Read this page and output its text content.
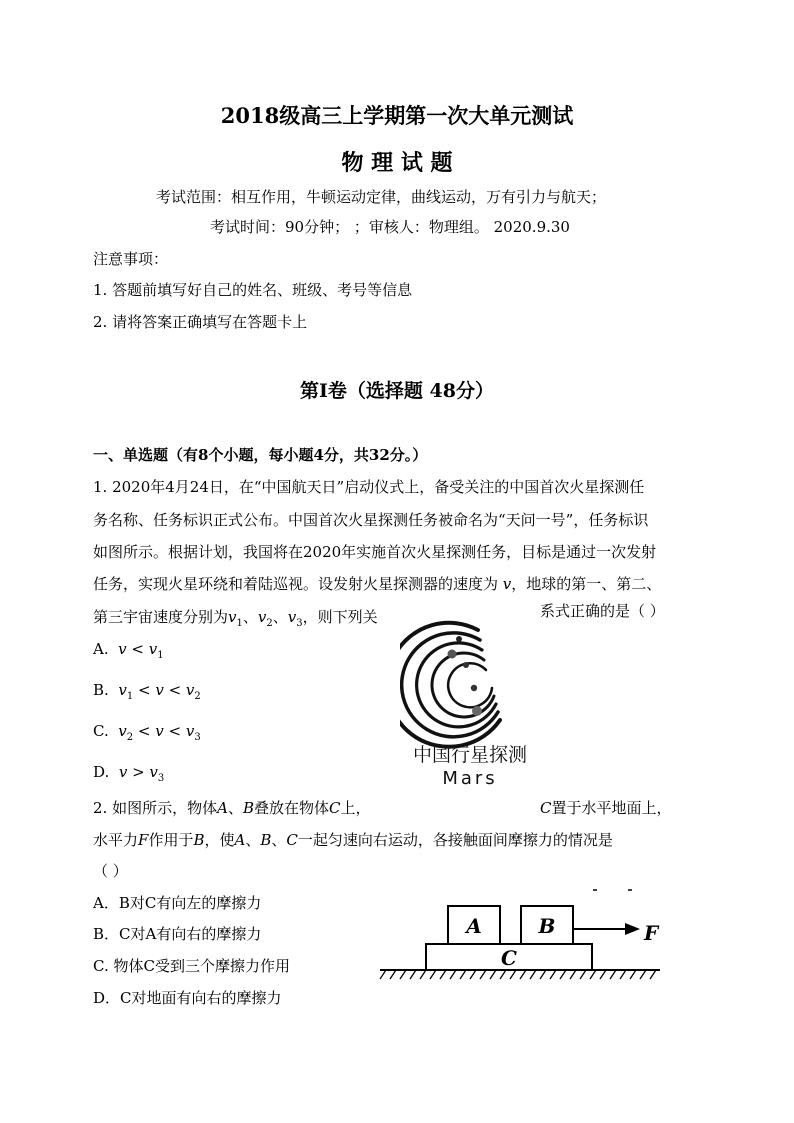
2018级高三上学期第一次大单元测试
物 理 试 题
考试范围：相互作用，牛顿运动定律，曲线运动，万有引力与航天；
考试时间：90分钟； ；审核人：物理组。 2020.9.30
注意事项：
1. 答题前填写好自己的姓名、班级、考号等信息
2. 请将答案正确填写在答题卡上
第Ⅰ卷（选择题 48分）
一、单选题（有8个小题，每小题4分，共32分。）
1. 2020年4月24日，在“中国航天日”启动仪式上，备受关注的中国首次火星探测任
务名称、任务标识正式公布。中国首次火星探测任务被命名为“天问一号”，任务标识
如图所示。根据计划，我国将在2020年实施首次火星探测任务，目标是通过一次发射
任务，实现火星环绕和着陆巡视。设发射火星探测器的速度为 v，地球的第一、第二、
第三宇宙速度分别为$v_1$、$v_2$、$v_3$，则下列关	系式正确的是（ ）
A. $v < v_1$
B. $v_1 < v < v_2$
C. $v_2 < v < v_3$
D. $v > v_3$
中国行星探测
Mars
2. 如图所示，物体A、B叠放在物体C上，	C置于水平地面上，
水平力F作用于B，使A、B、C一起匀速向右运动，各接触面间摩擦力的情况是
（ ）
A．B对C有向左的摩擦力
B．C对A有向右的摩擦力
C. 物体C受到三个摩擦力作用
D．C对地面有向右的摩擦力
A	B
C
F
